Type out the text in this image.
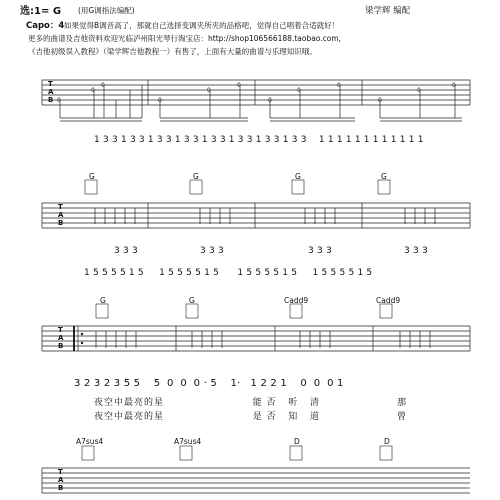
选:1= G (用G调指法编配)	梁学辉 编配
Capo：4 如果觉得B调音高了，那就自己选择变调夹所夹的品格吧，觉得自己唱着合适就好！
更多的曲谱及吉他资料欢迎光临泸州阳光琴行淘宝店：http://shop106566188.taobao.com,
《吉他初级误入教程》（梁学辉吉他教程一）有售了，上面有大量的曲谱与乐理知识哦。
0
0
0
0
0
0
0
0
0
0
0
0
T
A
B
T
A
B
T
A
B
T
A
B
1 3 3 1 3 3 1 3 3 1 3 3 1 3 3 1 3 3 1 3 3 1 3 3    1 1 1 1 1 1 1 1 1 1 1 1
G	G	G	G
3 3 3	3 3 3	3 3 3	3 3 3
1 5 5 5 5 1 5     1 5 5 5 5 1 5      1 5 5 5 5 1 5     1 5 5 5 5 1 5
G	G	Cadd9	Cadd9
3 2 3 2 3 5 5    5  0  0  0 · 5    1·   1 2 2 1    0  0  0 1
夜空中最亮的星                       能 否   听   清                    那
夜空中最亮的星                       是 否   知   道                    曾
A7sus4	A7sus4	D	D
